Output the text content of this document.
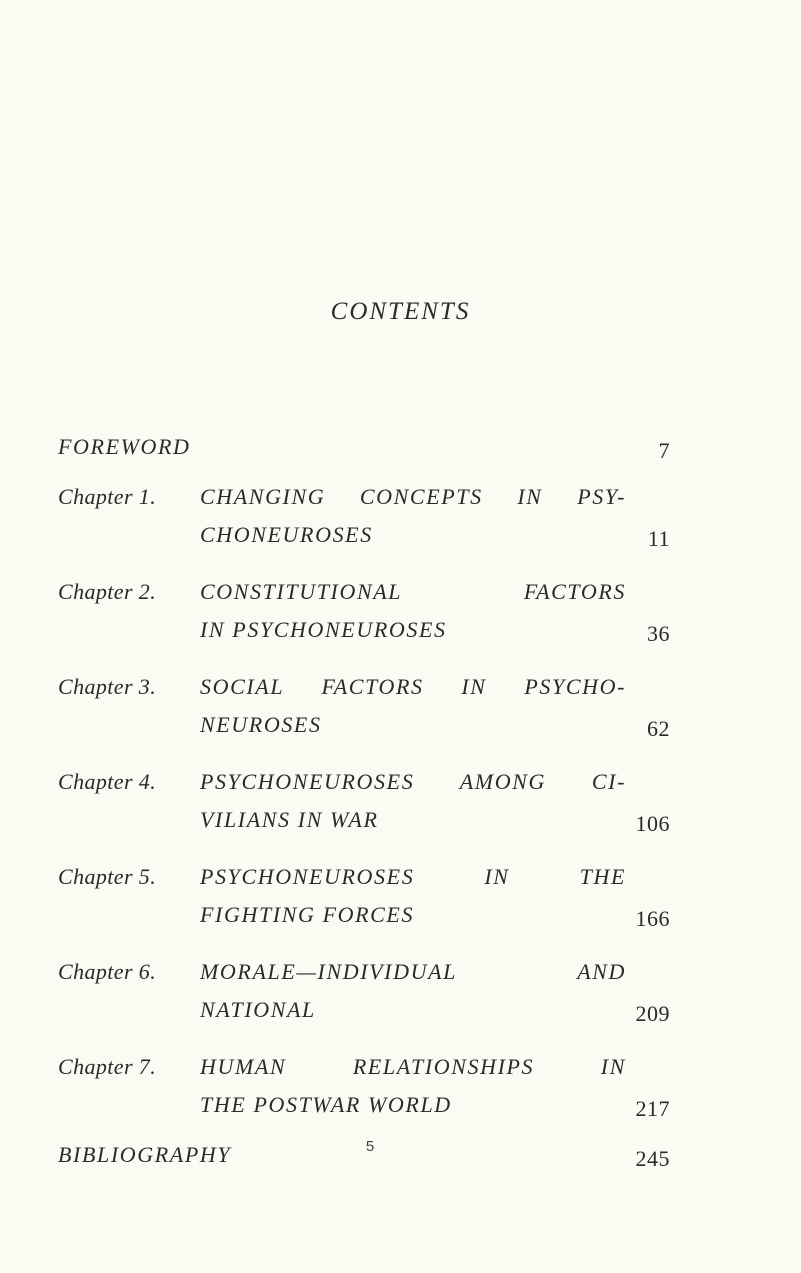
CONTENTS
FOREWORD	7
Chapter 1.	CHANGING CONCEPTS IN PSY-
CHONEUROSES	11
Chapter 2.	CONSTITUTIONAL FACTORS
IN PSYCHONEUROSES	36
Chapter 3.	SOCIAL FACTORS IN PSYCHO-
NEUROSES	62
Chapter 4.	PSYCHONEUROSES AMONG CI-
VILIANS IN WAR	106
Chapter 5.	PSYCHONEUROSES IN THE
FIGHTING FORCES	166
Chapter 6.	MORALE—INDIVIDUAL AND
NATIONAL	209
Chapter 7.	HUMAN RELATIONSHIPS IN
THE POSTWAR WORLD	217
BIBLIOGRAPHY	245
5
